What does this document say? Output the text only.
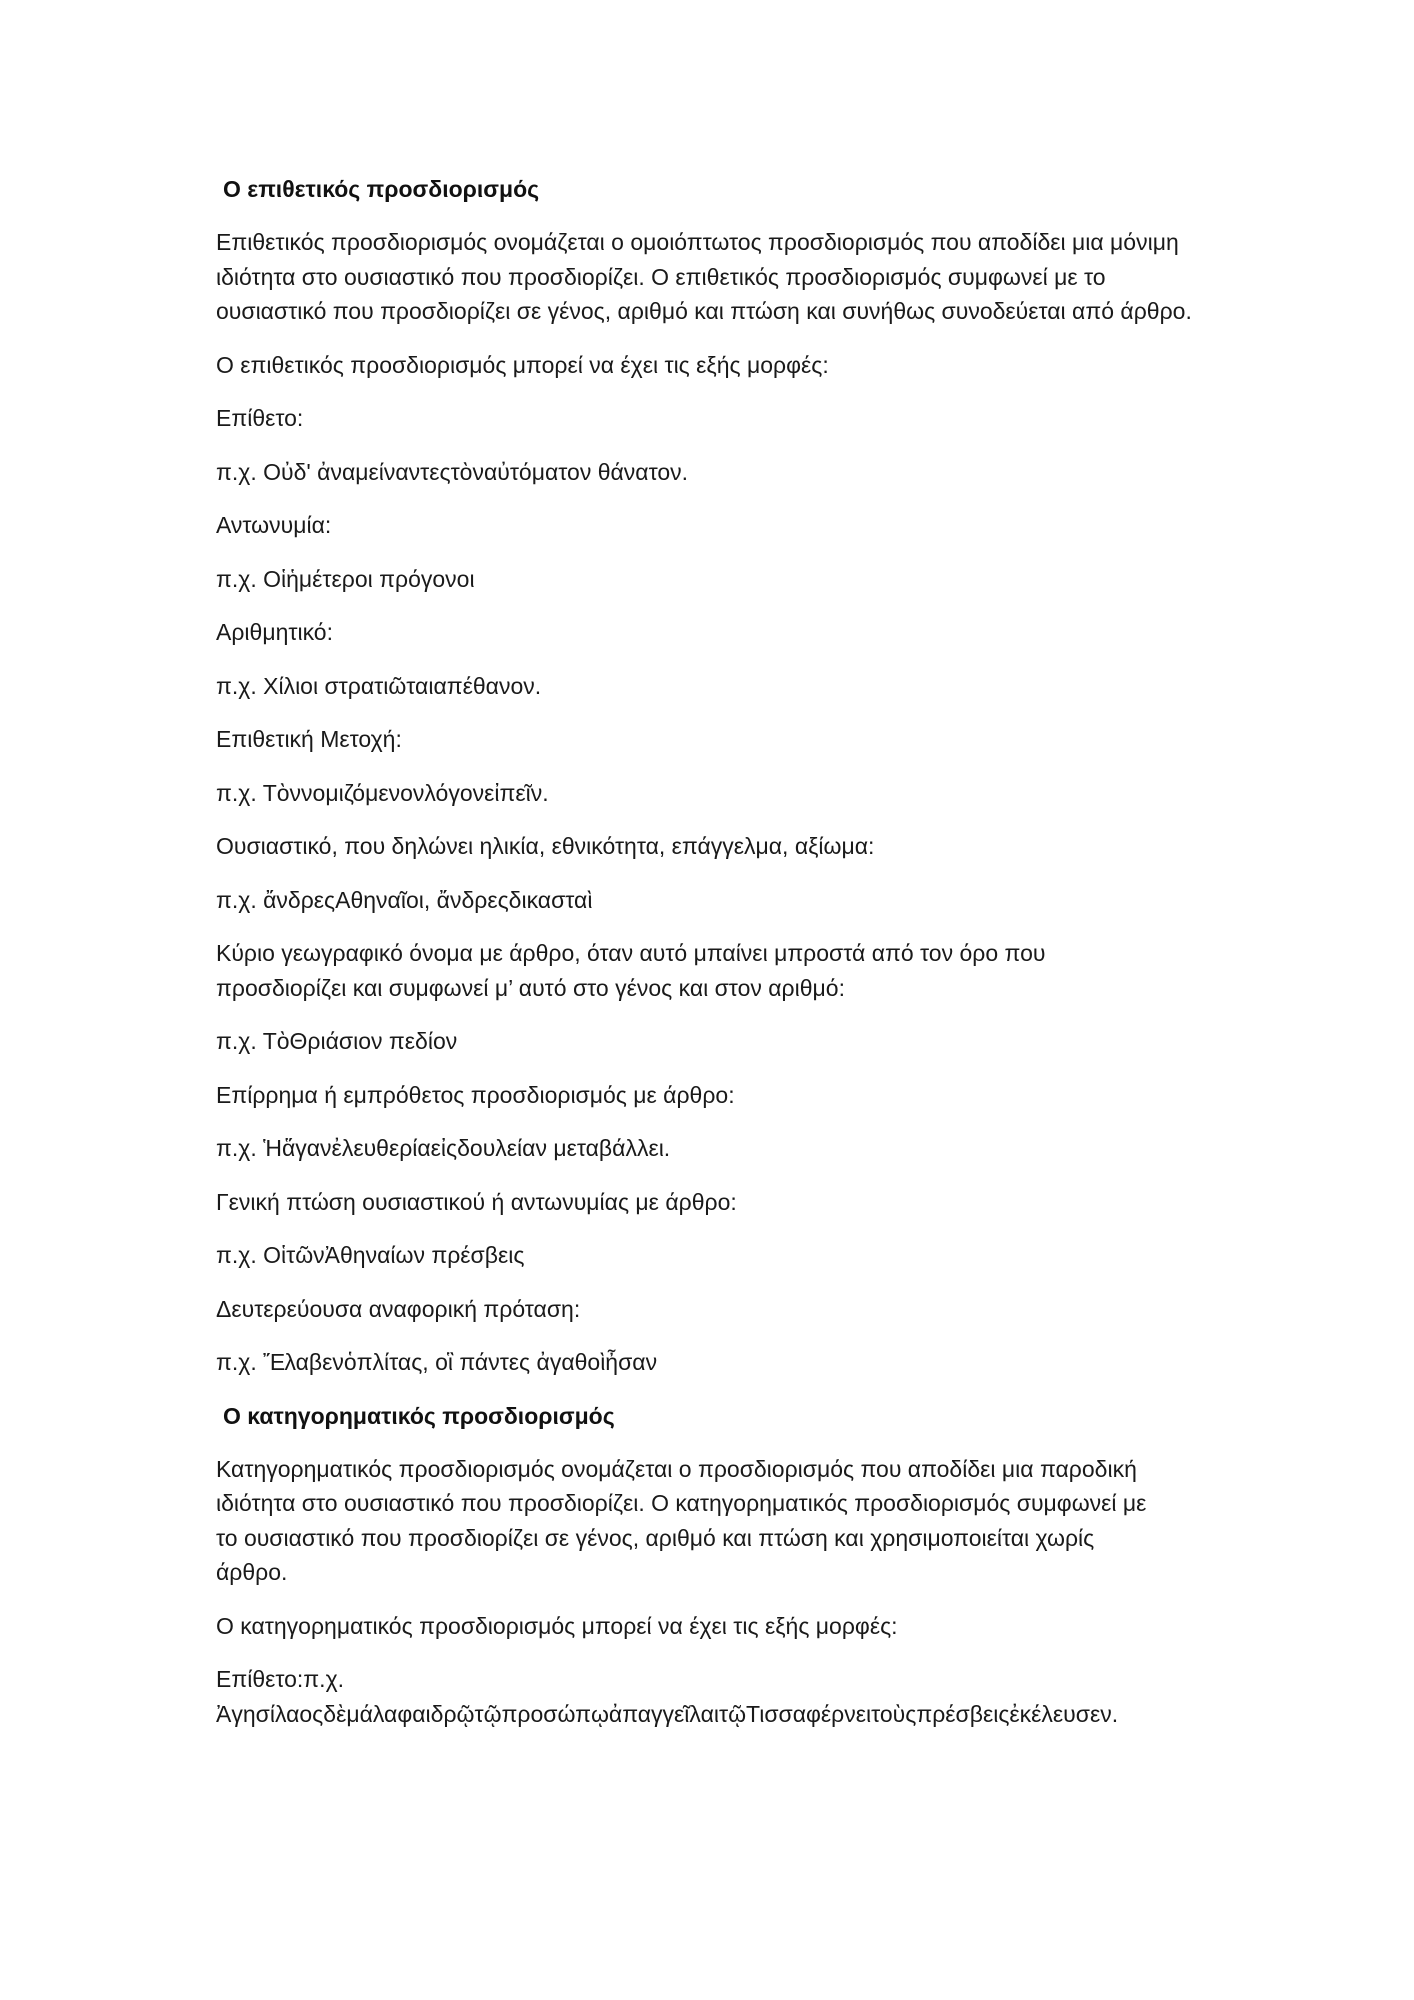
Ο επιθετικός προσδιορισμός

Επιθετικός προσδιορισμός ονομάζεται ο ομοιόπτωτος προσδιορισμός που αποδίδει μια μόνιμη ιδιότητα στο ουσιαστικό που προσδιορίζει. Ο επιθετικός προσδιορισμός συμφωνεί με το ουσιαστικό που προσδιορίζει σε γένος, αριθμό και πτώση και συνήθως συνοδεύεται από άρθρο.

Ο επιθετικός προσδιορισμός μπορεί να έχει τις εξής μορφές:

Επίθετο:

π.χ. Οὐδ' ἀναμείναντεςτὸναὐτόματον θάνατον.

Αντωνυμία:

π.χ. Οἱἡμέτεροι πρόγονοι

Αριθμητικό:

π.χ. Χίλιοι στρατιῶταιαπέθανον.

Επιθετική Μετοχή:

π.χ. Τὸννομιζόμενονλόγονεἰπεῖν.

Ουσιαστικό, που δηλώνει ηλικία, εθνικότητα, επάγγελμα, αξίωμα:

π.χ. ἄνδρεςΑθηναῖοι, ἄνδρεςδικασταὶ

Κύριο γεωγραφικό όνομα με άρθρο, όταν αυτό μπαίνει μπροστά από τον όρο που προσδιορίζει και συμφωνεί μ’ αυτό στο γένος και στον αριθμό:

π.χ. ΤὸΘριάσιον πεδίον

Επίρρημα ή εμπρόθετος προσδιορισμός με άρθρο:

π.χ. Ἡἅγανἐλευθερίαεἰςδουλείαν μεταβάλλει.

Γενική πτώση ουσιαστικού ή αντωνυμίας με άρθρο:

π.χ. ΟἱτῶνἈθηναίων πρέσβεις

Δευτερεύουσα αναφορική πρόταση:

π.χ. Ἔλαβενὁπλίτας, οἳ πάντες ἀγαθοὶἦσαν

Ο κατηγορηματικός προσδιορισμός

Κατηγορηματικός προσδιορισμός ονομάζεται ο προσδιορισμός που αποδίδει μια παροδική ιδιότητα στο ουσιαστικό που προσδιορίζει. Ο κατηγορηματικός προσδιορισμός συμφωνεί με το ουσιαστικό που προσδιορίζει σε γένος, αριθμό και πτώση και χρησιμοποιείται χωρίς άρθρο.

Ο κατηγορηματικός προσδιορισμός μπορεί να έχει τις εξής μορφές:

Επίθετο:π.χ. ἈγησίλαοςδὲμάλαφαιδρῷτῷπροσώπῳἀπαγγεῖλαιτῷΤισσαφέρνειτοὺςπρέσβειςἐκέλευσεν.
